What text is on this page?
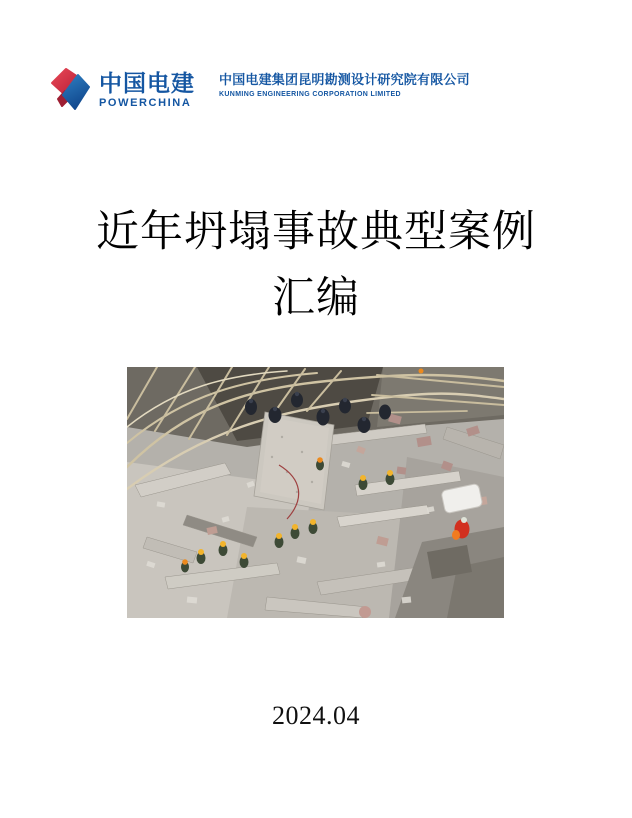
中国电建
POWERCHINA
中国电建集团昆明勘测设计研究院有限公司
KUNMING ENGINEERING CORPORATION LIMITED
近年坍塌事故典型案例
汇编
2024.04
